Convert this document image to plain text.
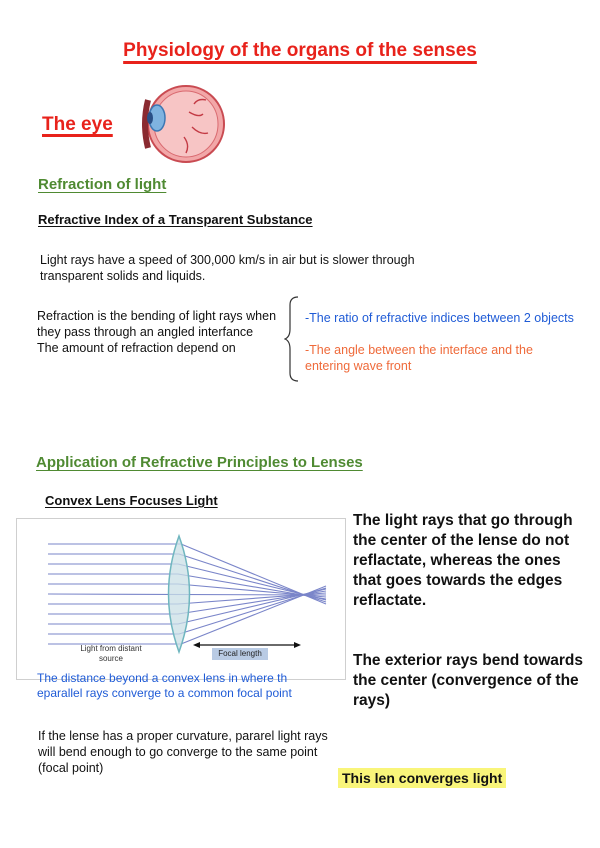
Physiology of the organs of the senses
The eye
Refraction of light
Refractive Index of a Transparent Substance
Light rays have a speed of 300,000 km/s in air but is slower through transparent solids and liquids.
Refraction is the bending of light rays when
they pass through an angled interfance
The amount of refraction depend on
-The ratio of refractive indices between 2 objects
-The angle between the interface and the entering wave front
Application of Refractive Principles to Lenses
Convex Lens Focuses Light
Light from distant source
Focal length
The distance beyond a convex lens in where th eparallel rays converge to a common focal point
If the lense has a proper curvature, pararel light rays will bend enough to go converge to the same point (focal point)
The light rays that go through the center of the lense do not reflactate, whereas the ones that goes towards the edges reflactate.
The exterior rays bend towards the center (convergence of the rays)
This len converges light
